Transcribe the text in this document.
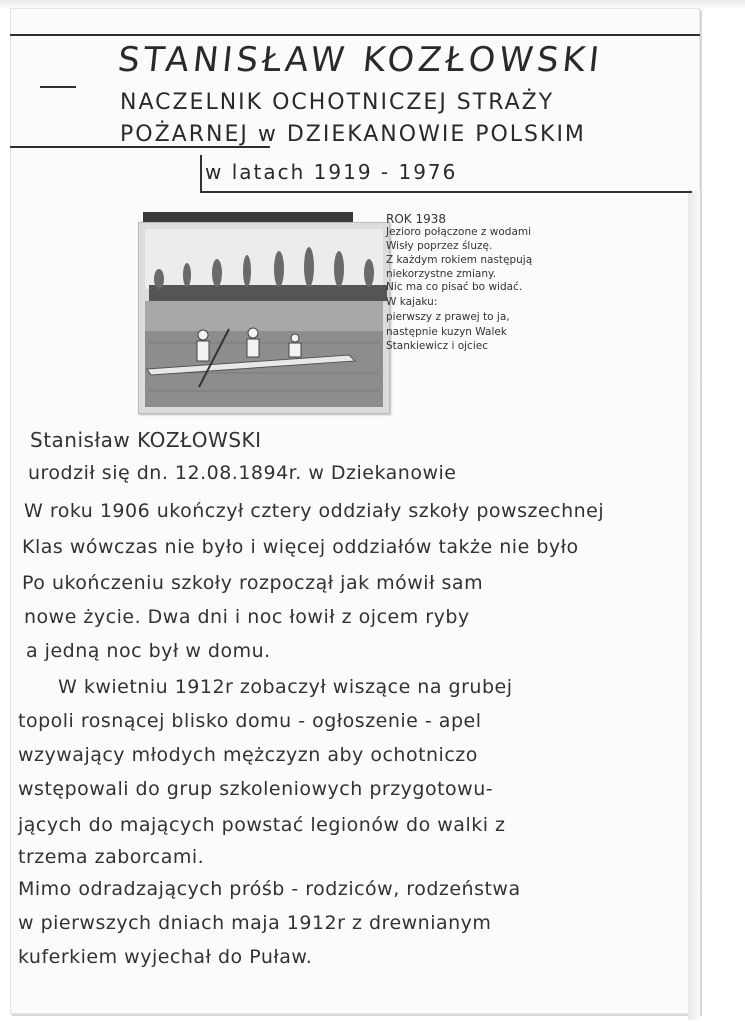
STANISŁAW KOZŁOWSKI
NACZELNIK OCHOTNICZEJ STRAŻY
POŻARNEJ w DZIEKANOWIE POLSKIM
w latach 1919 - 1976
ROK 1938
Jezioro połączone z wodami
Wisły poprzez śluzę.
Z każdym rokiem następują
niekorzystne zmiany.
Nic ma co pisać bo widać.
W kajaku:
pierwszy z prawej to ja,
następnie kuzyn Walek
Stankiewicz i ojciec
Stanisław KOZŁOWSKI
urodził się dn. 12.08.1894r. w Dziekanowie
W roku 1906 ukończył cztery oddziały szkoły powszechnej
Klas wówczas nie było i więcej oddziałów także nie było
Po ukończeniu szkoły rozpoczął jak mówił sam
nowe życie. Dwa dni i noc łowił z ojcem ryby
a jedną noc był w domu.
W kwietniu 1912r zobaczył wiszące na grubej
topoli rosnącej blisko domu - ogłoszenie - apel
wzywający młodych mężczyzn aby ochotniczo
wstępowali do grup szkoleniowych przygotowu-
jących do mających powstać legionów do walki z
trzema zaborcami.
Mimo odradzających próśb - rodziców, rodzeństwa
w pierwszych dniach maja 1912r z drewnianym
kuferkiem wyjechał do Puław.
